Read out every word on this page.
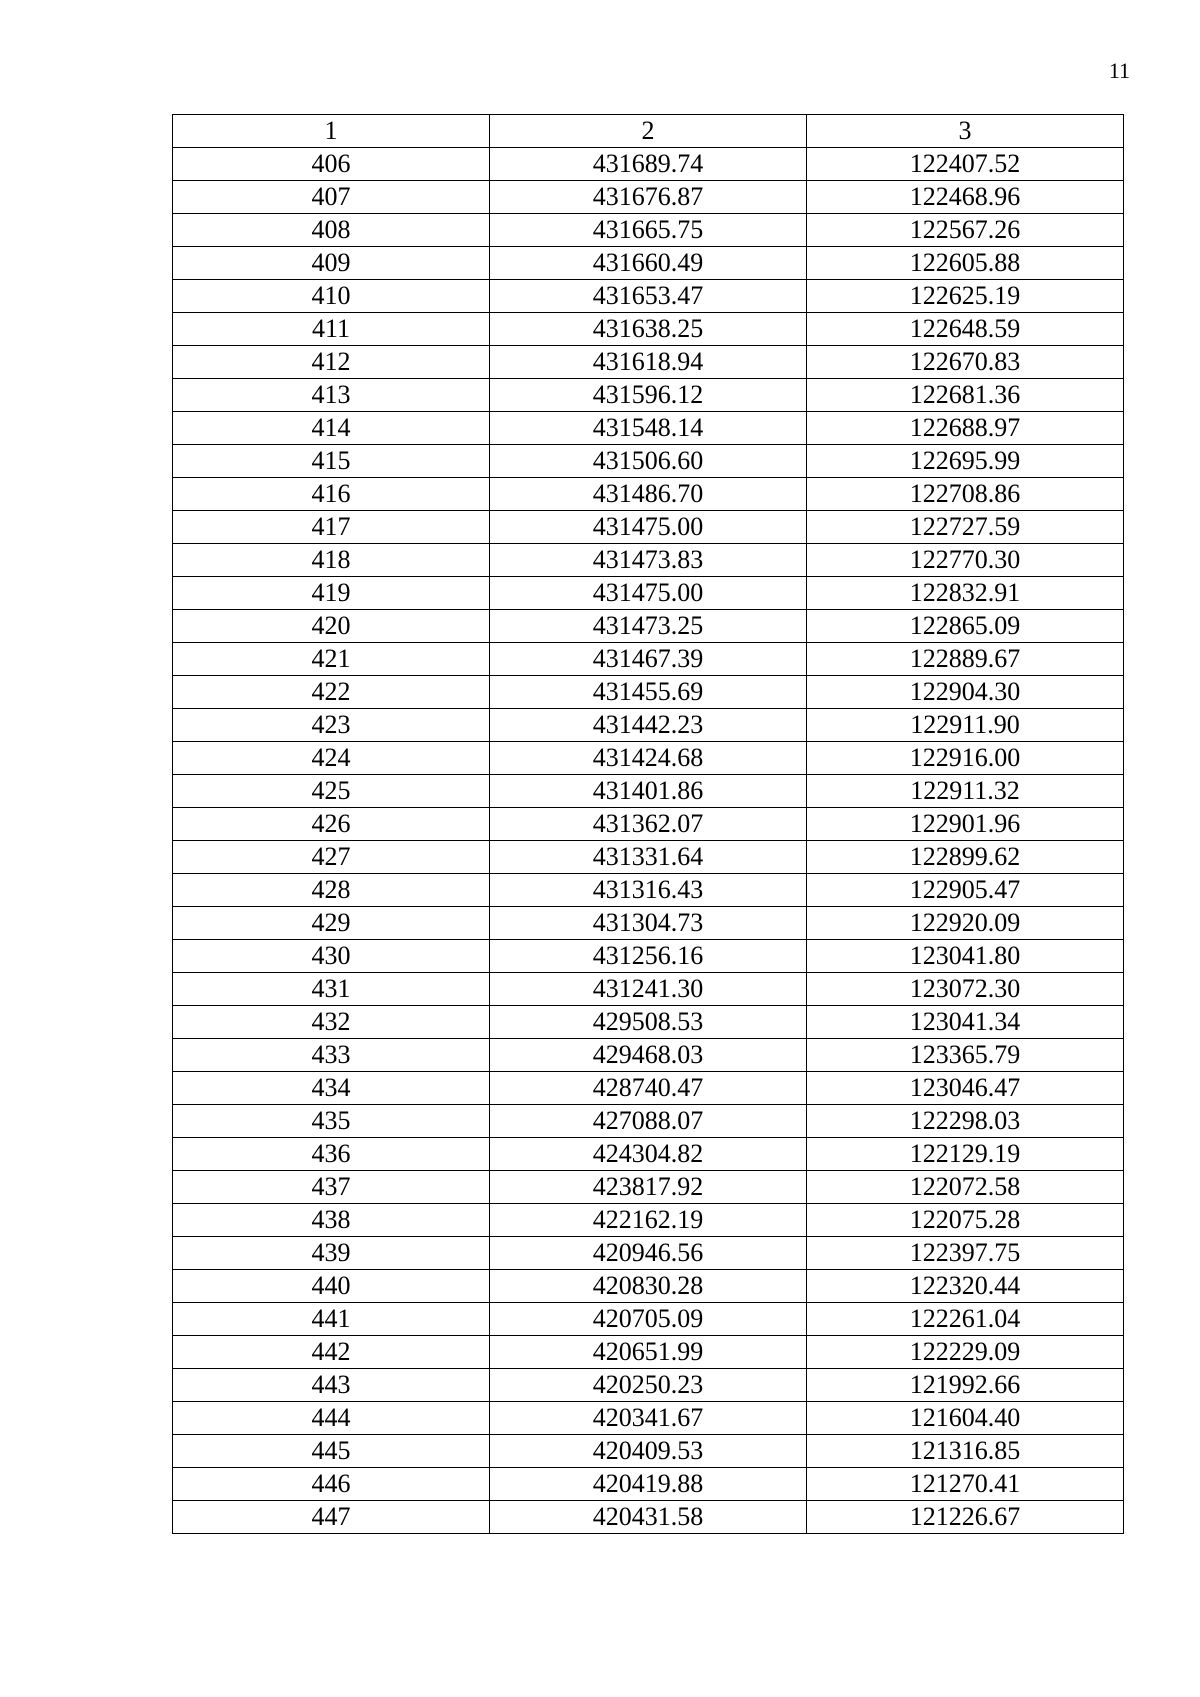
11
1	2	3
406	431689.74	122407.52
407	431676.87	122468.96
408	431665.75	122567.26
409	431660.49	122605.88
410	431653.47	122625.19
411	431638.25	122648.59
412	431618.94	122670.83
413	431596.12	122681.36
414	431548.14	122688.97
415	431506.60	122695.99
416	431486.70	122708.86
417	431475.00	122727.59
418	431473.83	122770.30
419	431475.00	122832.91
420	431473.25	122865.09
421	431467.39	122889.67
422	431455.69	122904.30
423	431442.23	122911.90
424	431424.68	122916.00
425	431401.86	122911.32
426	431362.07	122901.96
427	431331.64	122899.62
428	431316.43	122905.47
429	431304.73	122920.09
430	431256.16	123041.80
431	431241.30	123072.30
432	429508.53	123041.34
433	429468.03	123365.79
434	428740.47	123046.47
435	427088.07	122298.03
436	424304.82	122129.19
437	423817.92	122072.58
438	422162.19	122075.28
439	420946.56	122397.75
440	420830.28	122320.44
441	420705.09	122261.04
442	420651.99	122229.09
443	420250.23	121992.66
444	420341.67	121604.40
445	420409.53	121316.85
446	420419.88	121270.41
447	420431.58	121226.67
